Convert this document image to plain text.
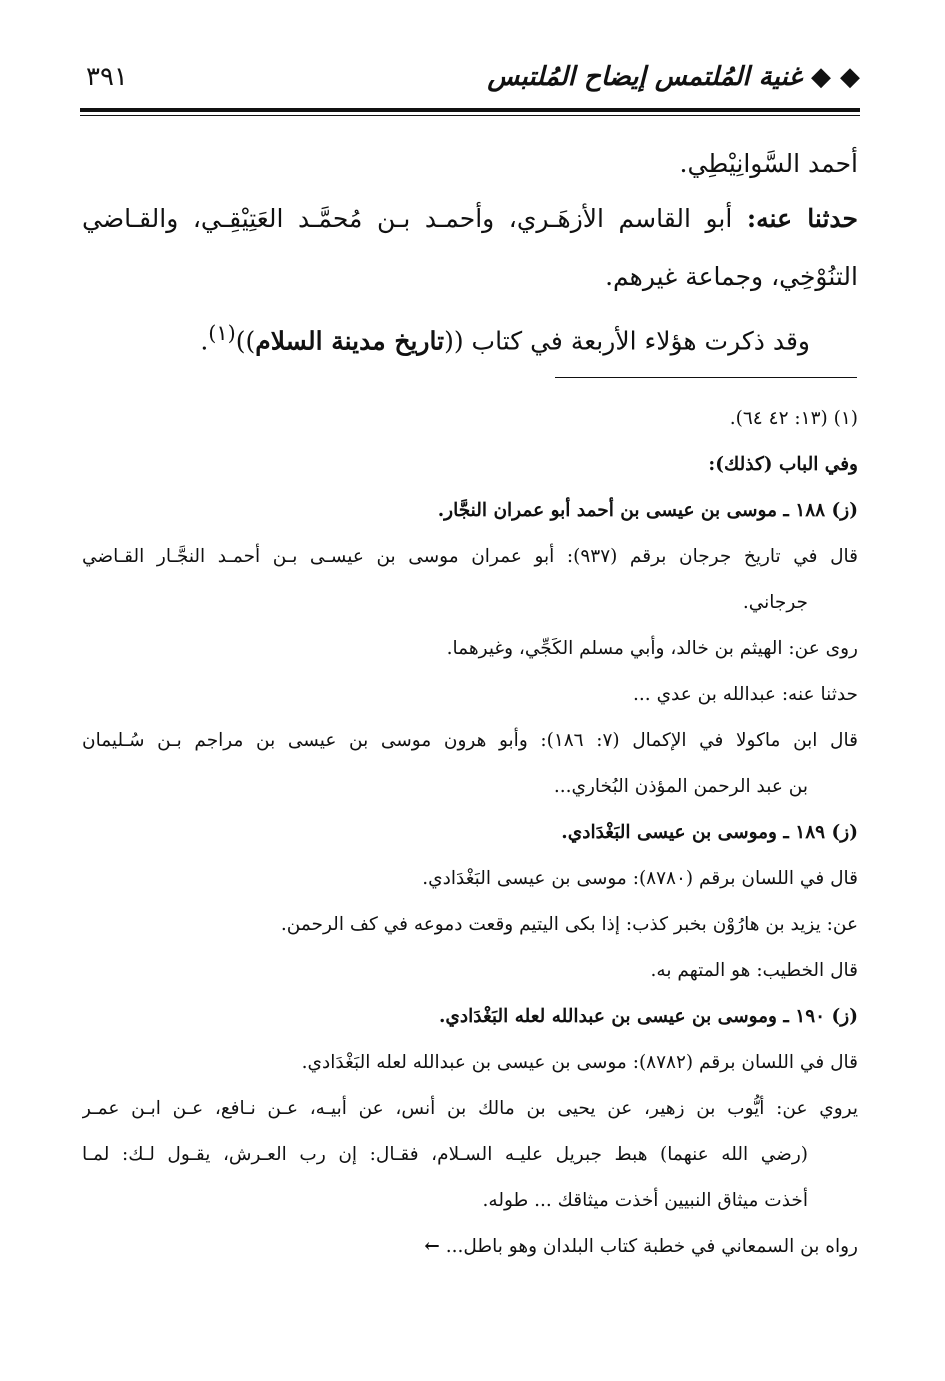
◆ ◆ غنية المُلتمس إيضاح المُلتبس
٣٩١

أحمد السَّوانِيْطِي.

حدثنا عنه: أبو القاسم الأزهَـري، وأحمـد بـن مُحمَّـد العَتِيْقِـي، والقـاضي

التنُوْخِي، وجماعة غيرهم.

وقد ذكرت هؤلاء الأربعة في كتاب ((تاريخ مدينة السلام))$^{(١)}$.

(١) (١٣: ٤٢ ٦٤).

وفي الباب (كذلك):

(ز) ١٨٨ ـ موسى بن عيسى بن أحمد أبو عمران النجَّار.

قال في تاريخ جرجان برقم (٩٣٧): أبو عمران موسى بن عيسـى بـن أحمـد النجَّـار القـاضي

جرجاني.

روى عن: الهيثم بن خالد، وأبي مسلم الكَجِّي، وغيرهما.

حدثنا عنه: عبدالله بن عدي ...

قال ابن ماكولا في الإكمال (٧: ١٨٦): وأبو هرون موسى بن عيسى بن مراجم بـن سُـليمان

بن عبد الرحمن المؤذن البُخاري...

(ز) ١٨٩ ـ وموسى بن عيسى البَغْدَادي.

قال في اللسان برقم (٨٧٨٠): موسى بن عيسى البَغْدَادي.

عن: يزيد بن هارُوْن بخبر كذب: إذا بكى اليتيم وقعت دموعه في كف الرحمن.

قال الخطيب: هو المتهم به.

(ز) ١٩٠ ـ وموسى بن عيسى بن عبدالله لعله البَغْدَادي.

قال في اللسان برقم (٨٧٨٢): موسى بن عيسى بن عبدالله لعله البَغْدَادي.

يروي عن: أيُّوب بن زهير، عن يحيى بن مالك بن أنس، عن أبيـه، عـن نـافع، عـن ابـن عمـر

(رضي الله عنهما) هبط جبريل عليـه السـلام، فقـال: إن رب العـرش، يقـول لـك: لمـا

أخذت ميثاق النبيين أخذت ميثاقك ... طوله.

رواه بن السمعاني في خطبة كتاب البلدان وهو باطل...←
